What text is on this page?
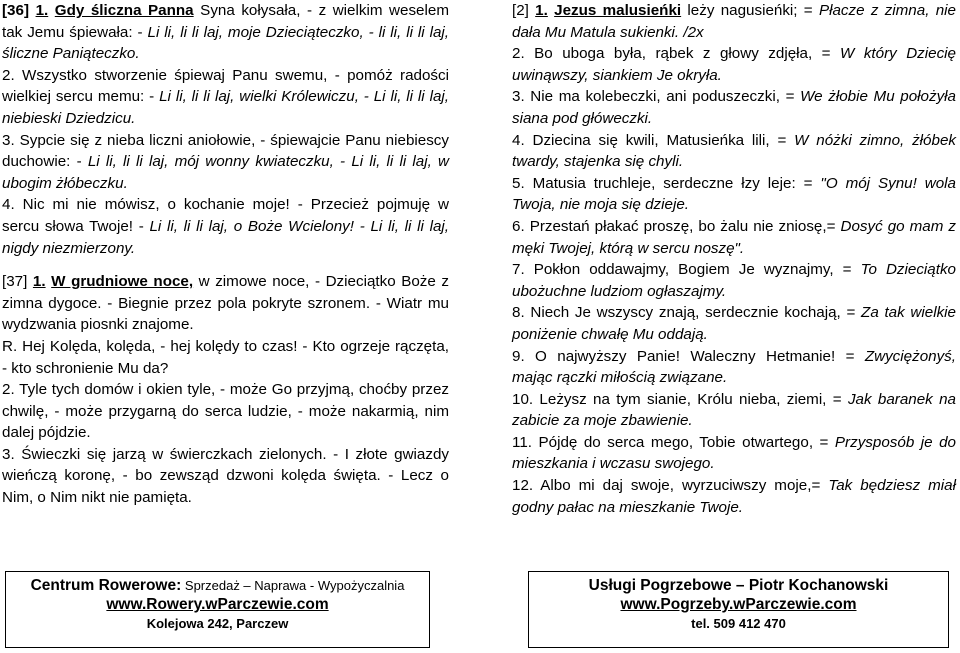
[36] 1. Gdy śliczna Panna Syna kołysała, - z wielkim weselem tak Jemu śpiewała: - Li li, li li laj, moje Dzieciąteczko, - li li, li li laj, śliczne Paniąteczko.

2. Wszystko stworzenie śpiewaj Panu swemu, - pomóż radości wielkiej sercu memu: - Li li, li li laj, wielki Królewiczu, - Li li, li li laj, niebieski Dziedzicu.

3. Sypcie się z nieba liczni aniołowie, - śpiewajcie Panu niebiescy duchowie: - Li li, li li laj, mój wonny kwiateczku, - Li li, li li laj, w ubogim żłóbeczku.

4. Nic mi nie mówisz, o kochanie moje! - Przecież pojmuję w sercu słowa Twoje! - Li li, li li laj, o Boże Wcielony! - Li li, li li laj, nigdy niezmierzony.

[37] 1. W grudniowe noce, w zimowe noce, - Dzieciątko Boże z zimna dygoce. - Biegnie przez pola pokryte szronem. - Wiatr mu wydzwania piosnki znajome.

R. Hej Kolęda, kolęda, - hej kolędy to czas! - Kto ogrzeje rączęta, - kto schronienie Mu da?

2. Tyle tych domów i okien tyle, - może Go przyjmą, choćby przez chwilę, - może przygarną do serca ludzie, - może nakarmią, nim dalej pójdzie.

3. Świeczki się jarzą w świerczkach zielonych. - I złote gwiazdy wieńczą koronę, - bo zewsząd dzwoni kolęda święta. - Lecz o Nim, o Nim nikt nie pamięta.

[2] 1. Jezus malusieńki leży nagusieńki; = Płacze z zimna, nie dała Mu Matula sukienki. /2x

2. Bo uboga była, rąbek z głowy zdjęła, = W który Dziecię uwinąwszy, siankiem Je okryła.

3. Nie ma kolebeczki, ani poduszeczki, = We żłobie Mu położyła siana pod główeczki.

4. Dziecina się kwili, Matusieńka lili, = W nóżki zimno, żłóbek twardy, stajenka się chyli.

5. Matusia truchleje, serdeczne łzy leje: = "O mój Synu! wola Twoja, nie moja się dzieje.

6. Przestań płakać proszę, bo żalu nie zniosę,= Dosyć go mam z męki Twojej, którą w sercu noszę".

7. Pokłon oddawajmy, Bogiem Je wyznajmy, = To Dzieciątko ubożuchne ludziom ogłaszajmy.

8. Niech Je wszyscy znają, serdecznie kochają, = Za tak wielkie poniżenie chwałę Mu oddają.

9. O najwyższy Panie! Waleczny Hetmanie! = Zwyciężonyś, mając rączki miłością związane.

10. Leżysz na tym sianie, Królu nieba, ziemi, = Jak baranek na zabicie za moje zbawienie.

11. Pójdę do serca mego, Tobie otwartego, = Przysposób je do mieszkania i wczasu swojego.

12. Albo mi daj swoje, wyrzuciwszy moje,= Tak będziesz miał godny pałac na mieszkanie Twoje.

Centrum Rowerowe: Sprzedaż – Naprawa - Wypożyczalnia
www.Rowery.wParczewie.com
Kolejowa 242, Parczew
Usługi Pogrzebowe – Piotr Kochanowski
www.Pogrzeby.wParczewie.com
tel. 509 412 470
